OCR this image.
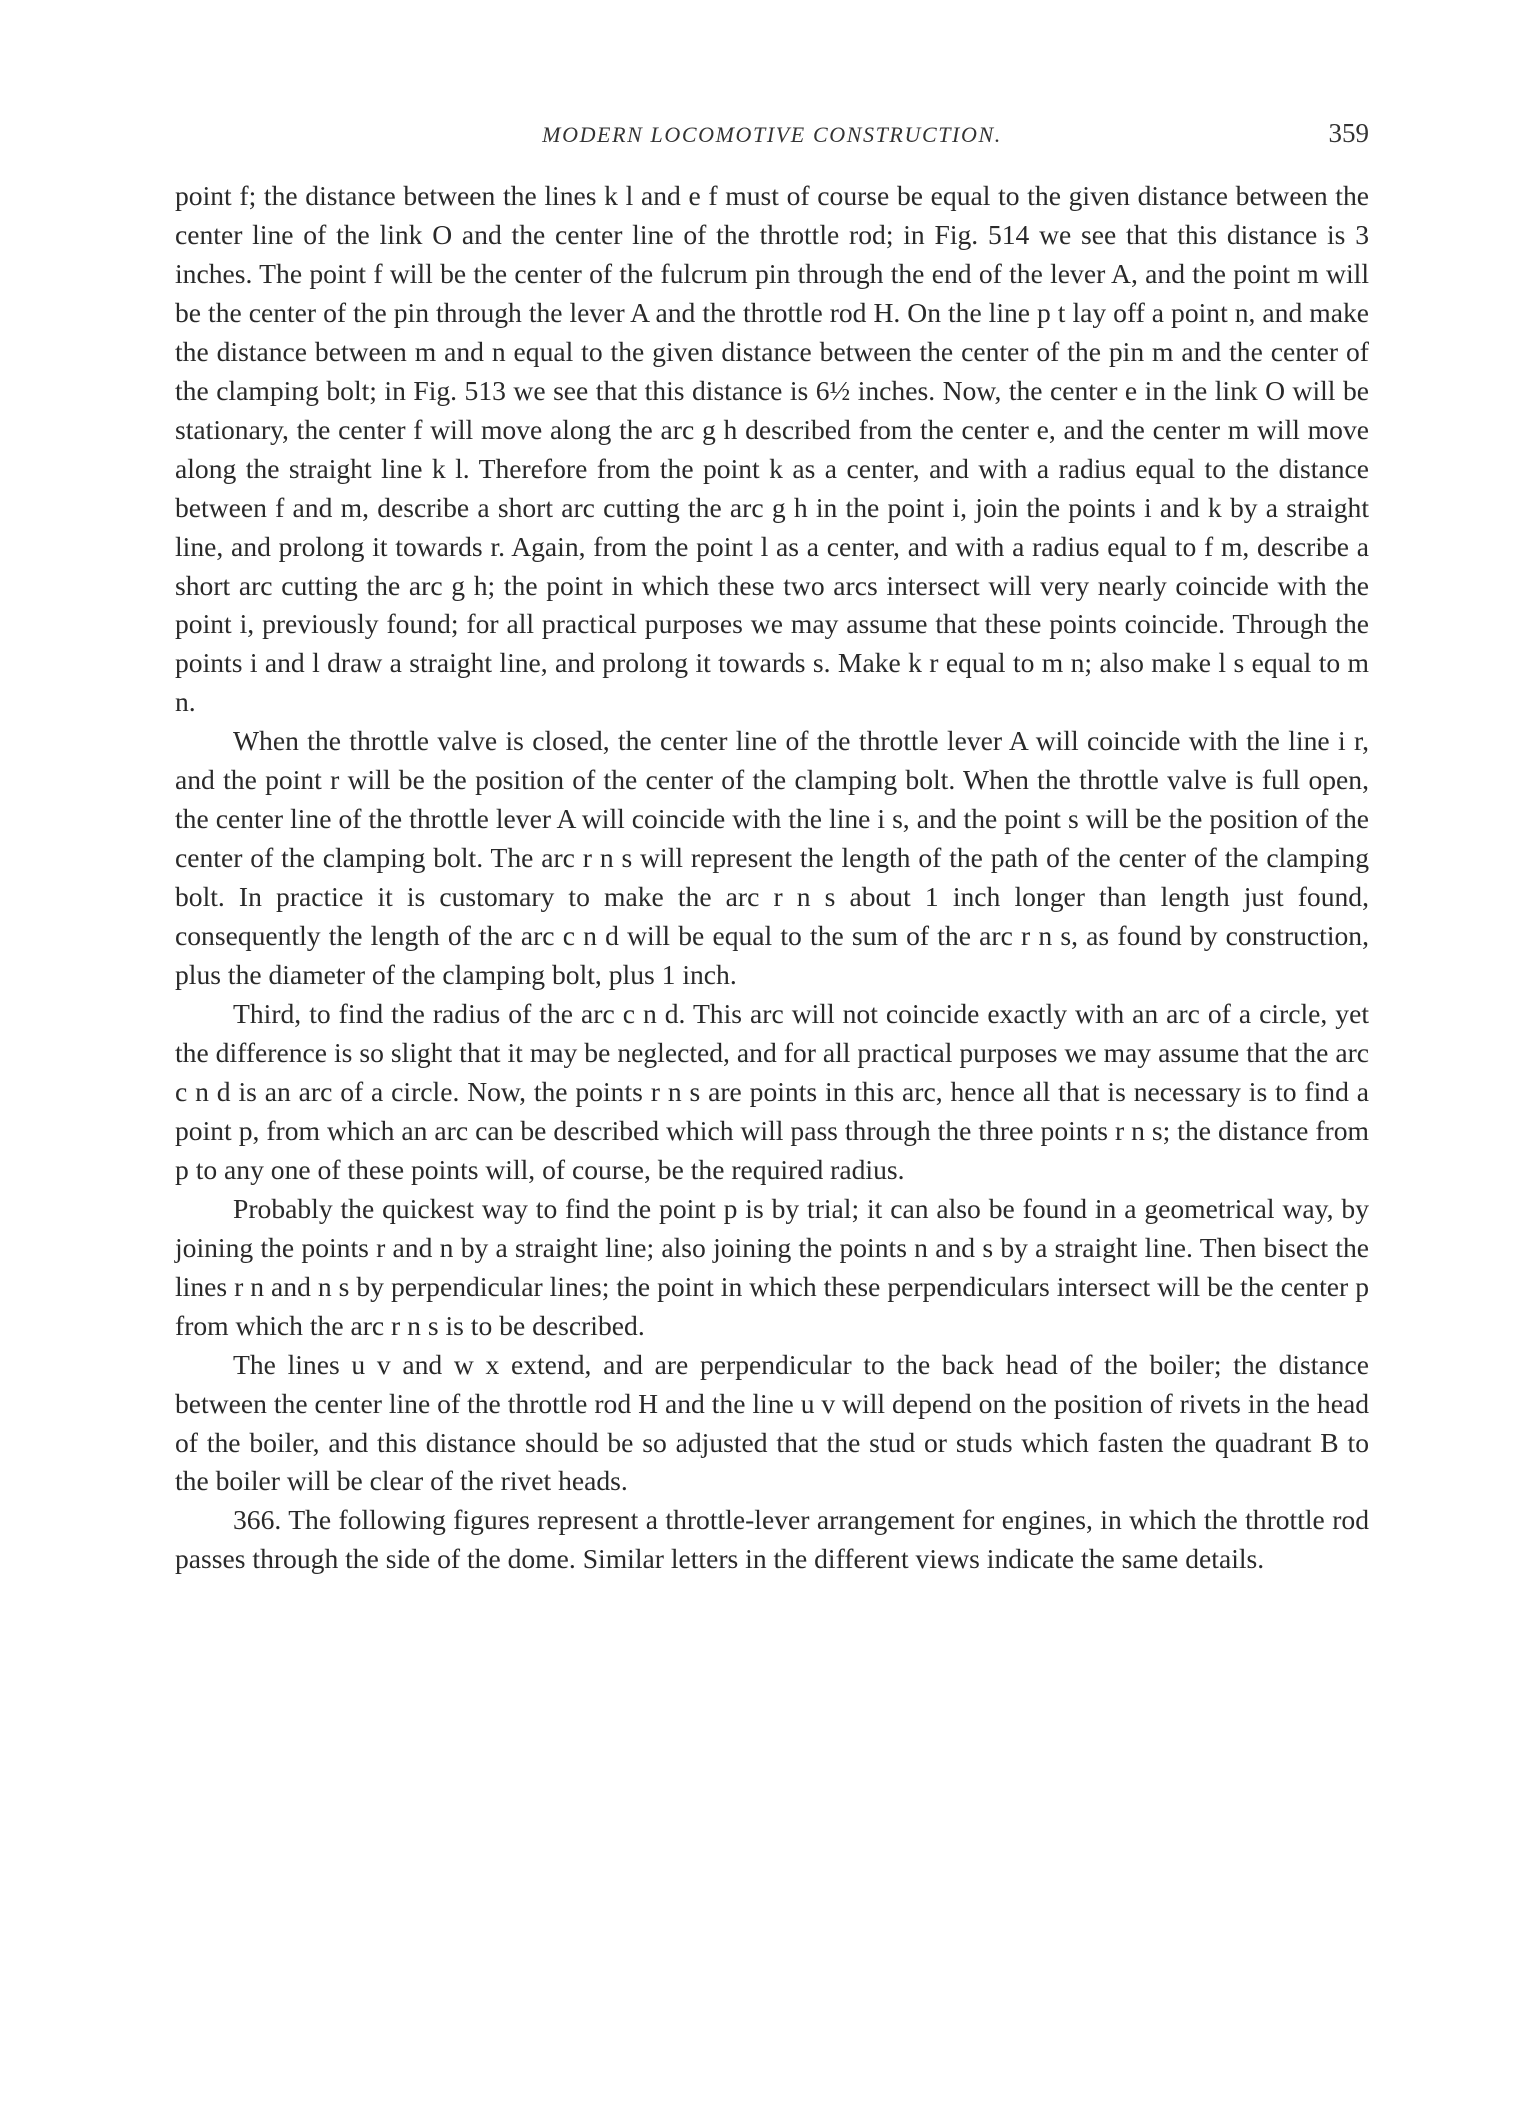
MODERN LOCOMOTIVE CONSTRUCTION.	359

point f; the distance between the lines k l and e f must of course be equal to the given distance between the center line of the link O and the center line of the throttle rod; in Fig. 514 we see that this distance is 3 inches. The point f will be the center of the fulcrum pin through the end of the lever A, and the point m will be the center of the pin through the lever A and the throttle rod H. On the line p t lay off a point n, and make the distance between m and n equal to the given distance between the center of the pin m and the center of the clamping bolt; in Fig. 513 we see that this distance is 6½ inches. Now, the center e in the link O will be stationary, the center f will move along the arc g h described from the center e, and the center m will move along the straight line k l. Therefore from the point k as a center, and with a radius equal to the distance between f and m, describe a short arc cutting the arc g h in the point i, join the points i and k by a straight line, and prolong it towards r. Again, from the point l as a center, and with a radius equal to f m, describe a short arc cutting the arc g h; the point in which these two arcs intersect will very nearly coincide with the point i, previously found; for all practical purposes we may assume that these points coincide. Through the points i and l draw a straight line, and prolong it towards s. Make k r equal to m n; also make l s equal to m n.

When the throttle valve is closed, the center line of the throttle lever A will coincide with the line i r, and the point r will be the position of the center of the clamping bolt. When the throttle valve is full open, the center line of the throttle lever A will coincide with the line i s, and the point s will be the position of the center of the clamping bolt. The arc r n s will represent the length of the path of the center of the clamping bolt. In practice it is customary to make the arc r n s about 1 inch longer than length just found, consequently the length of the arc c n d will be equal to the sum of the arc r n s, as found by construction, plus the diameter of the clamping bolt, plus 1 inch.

Third, to find the radius of the arc c n d. This arc will not coincide exactly with an arc of a circle, yet the difference is so slight that it may be neglected, and for all practical purposes we may assume that the arc c n d is an arc of a circle. Now, the points r n s are points in this arc, hence all that is necessary is to find a point p, from which an arc can be described which will pass through the three points r n s; the distance from p to any one of these points will, of course, be the required radius.

Probably the quickest way to find the point p is by trial; it can also be found in a geometrical way, by joining the points r and n by a straight line; also joining the points n and s by a straight line. Then bisect the lines r n and n s by perpendicular lines; the point in which these perpendiculars intersect will be the center p from which the arc r n s is to be described.

The lines u v and w x extend, and are perpendicular to the back head of the boiler; the distance between the center line of the throttle rod H and the line u v will depend on the position of rivets in the head of the boiler, and this distance should be so adjusted that the stud or studs which fasten the quadrant B to the boiler will be clear of the rivet heads.

366. The following figures represent a throttle-lever arrangement for engines, in which the throttle rod passes through the side of the dome. Similar letters in the different views indicate the same details.
